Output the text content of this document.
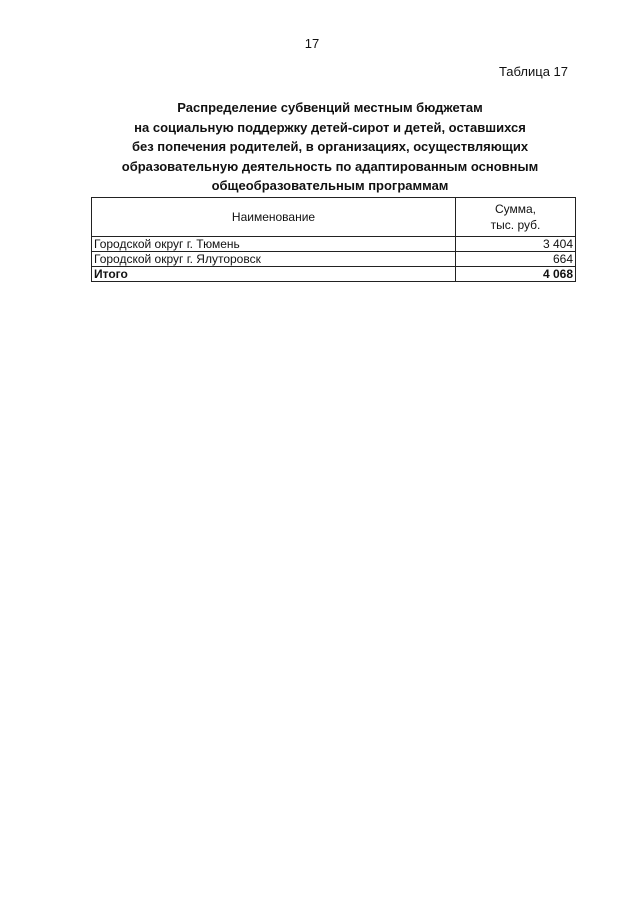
17
Таблица 17
Распределение субвенций местным бюджетам
на социальную поддержку детей-сирот и детей, оставшихся
без попечения родителей, в организациях, осуществляющих
образовательную деятельность по адаптированным основным
общеобразовательным программам
Наименование	Сумма,
тыс. руб.

Городской округ г. Тюмень	3 404
Городской округ г. Ялуторовск	664
Итого	4 068
